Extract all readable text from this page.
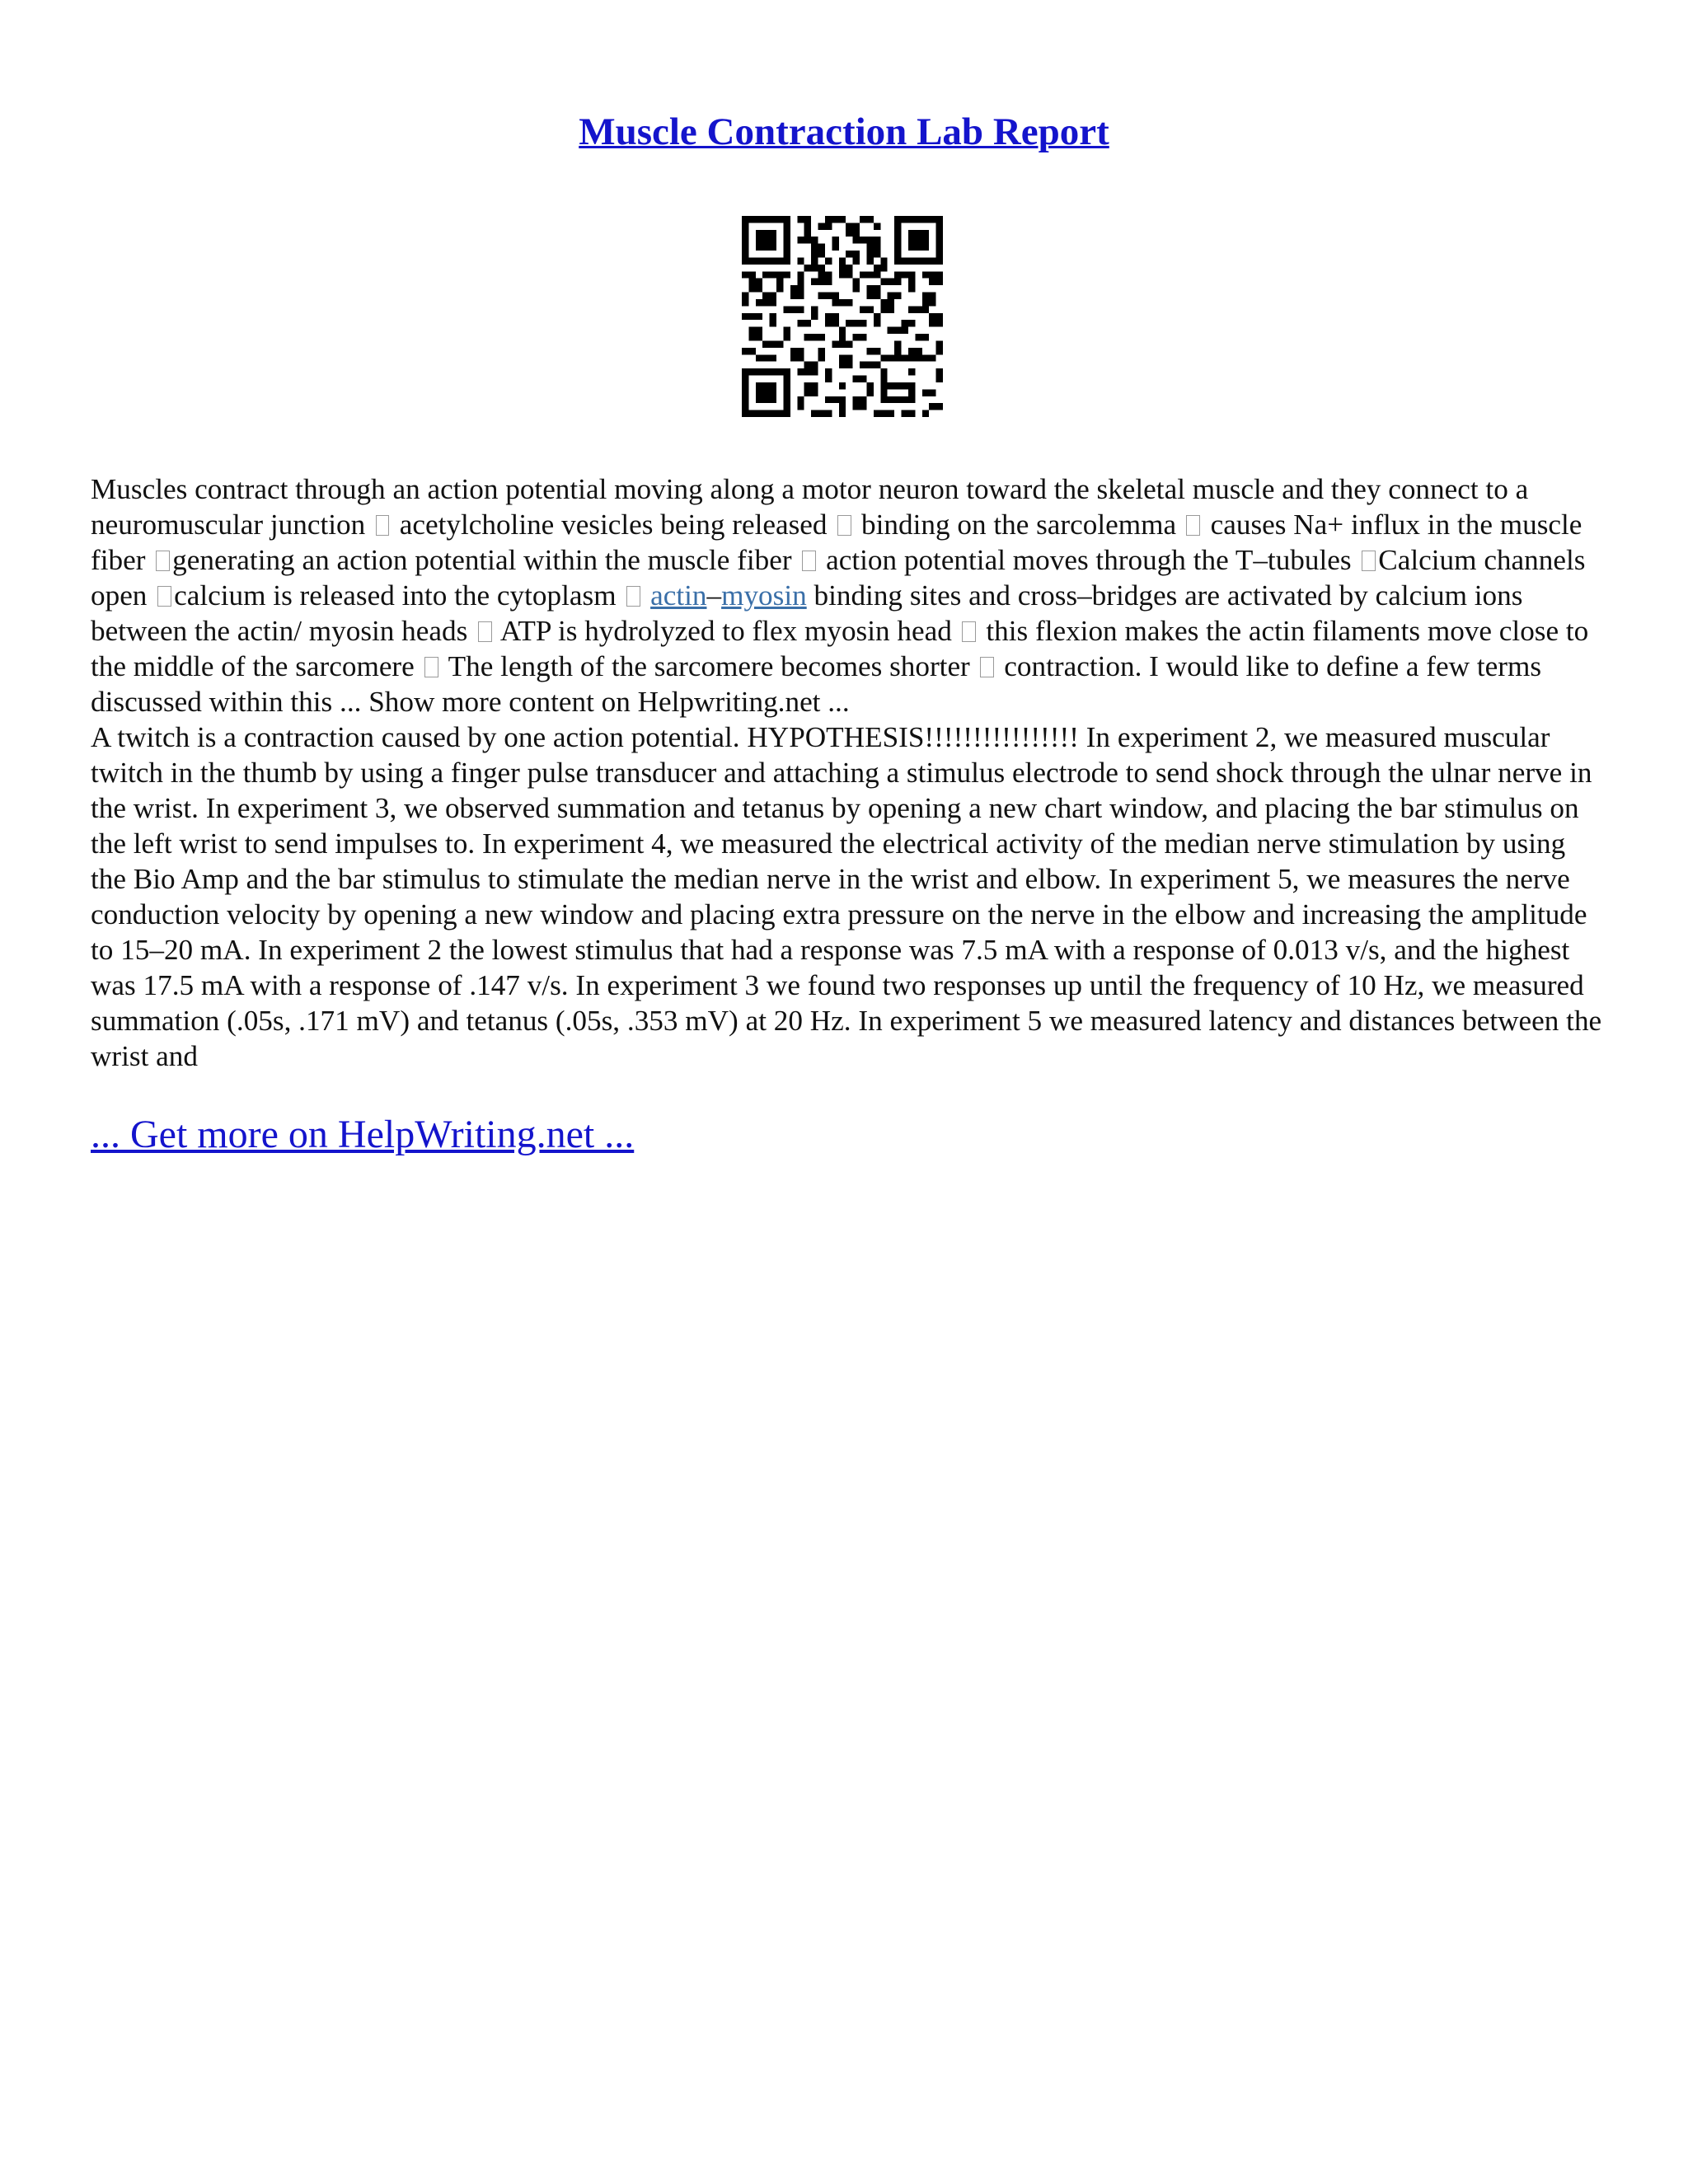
Muscle Contraction Lab Report

Muscles contract through an action potential moving along a motor neuron toward the skeletal muscle and they connect to a neuromuscular junction  acetylcholine vesicles being released  binding on the sarcolemma  causes Na+ influx in the muscle fiber generating an action potential within the muscle fiber  action potential moves through the T–tubules Calcium channels open calcium is released into the cytoplasm  actin–myosin binding sites and cross–bridges are activated by calcium ions between the actin/ myosin heads  ATP is hydrolyzed to flex myosin head  this flexion makes the actin filaments move close to the middle of the sarcomere  The length of the sarcomere becomes shorter  contraction. I would like to define a few terms discussed within this ... Show more content on Helpwriting.net ...

A twitch is a contraction caused by one action potential. HYPOTHESIS!!!!!!!!!!!!!!!! In experiment 2, we measured muscular twitch in the thumb by using a finger pulse transducer and attaching a stimulus electrode to send shock through the ulnar nerve in the wrist. In experiment 3, we observed summation and tetanus by opening a new chart window, and placing the bar stimulus on the left wrist to send impulses to. In experiment 4, we measured the electrical activity of the median nerve stimulation by using the Bio Amp and the bar stimulus to stimulate the median nerve in the wrist and elbow. In experiment 5, we measures the nerve conduction velocity by opening a new window and placing extra pressure on the nerve in the elbow and increasing the amplitude to 15–20 mA. In experiment 2 the lowest stimulus that had a response was 7.5 mA with a response of 0.013 v/s, and the highest was 17.5 mA with a response of .147 v/s. In experiment 3 we found two responses up until the frequency of 10 Hz, we measured summation (.05s, .171 mV) and tetanus (.05s, .353 mV) at 20 Hz. In experiment 5 we measured latency and distances between the wrist and

... Get more on HelpWriting.net ...
